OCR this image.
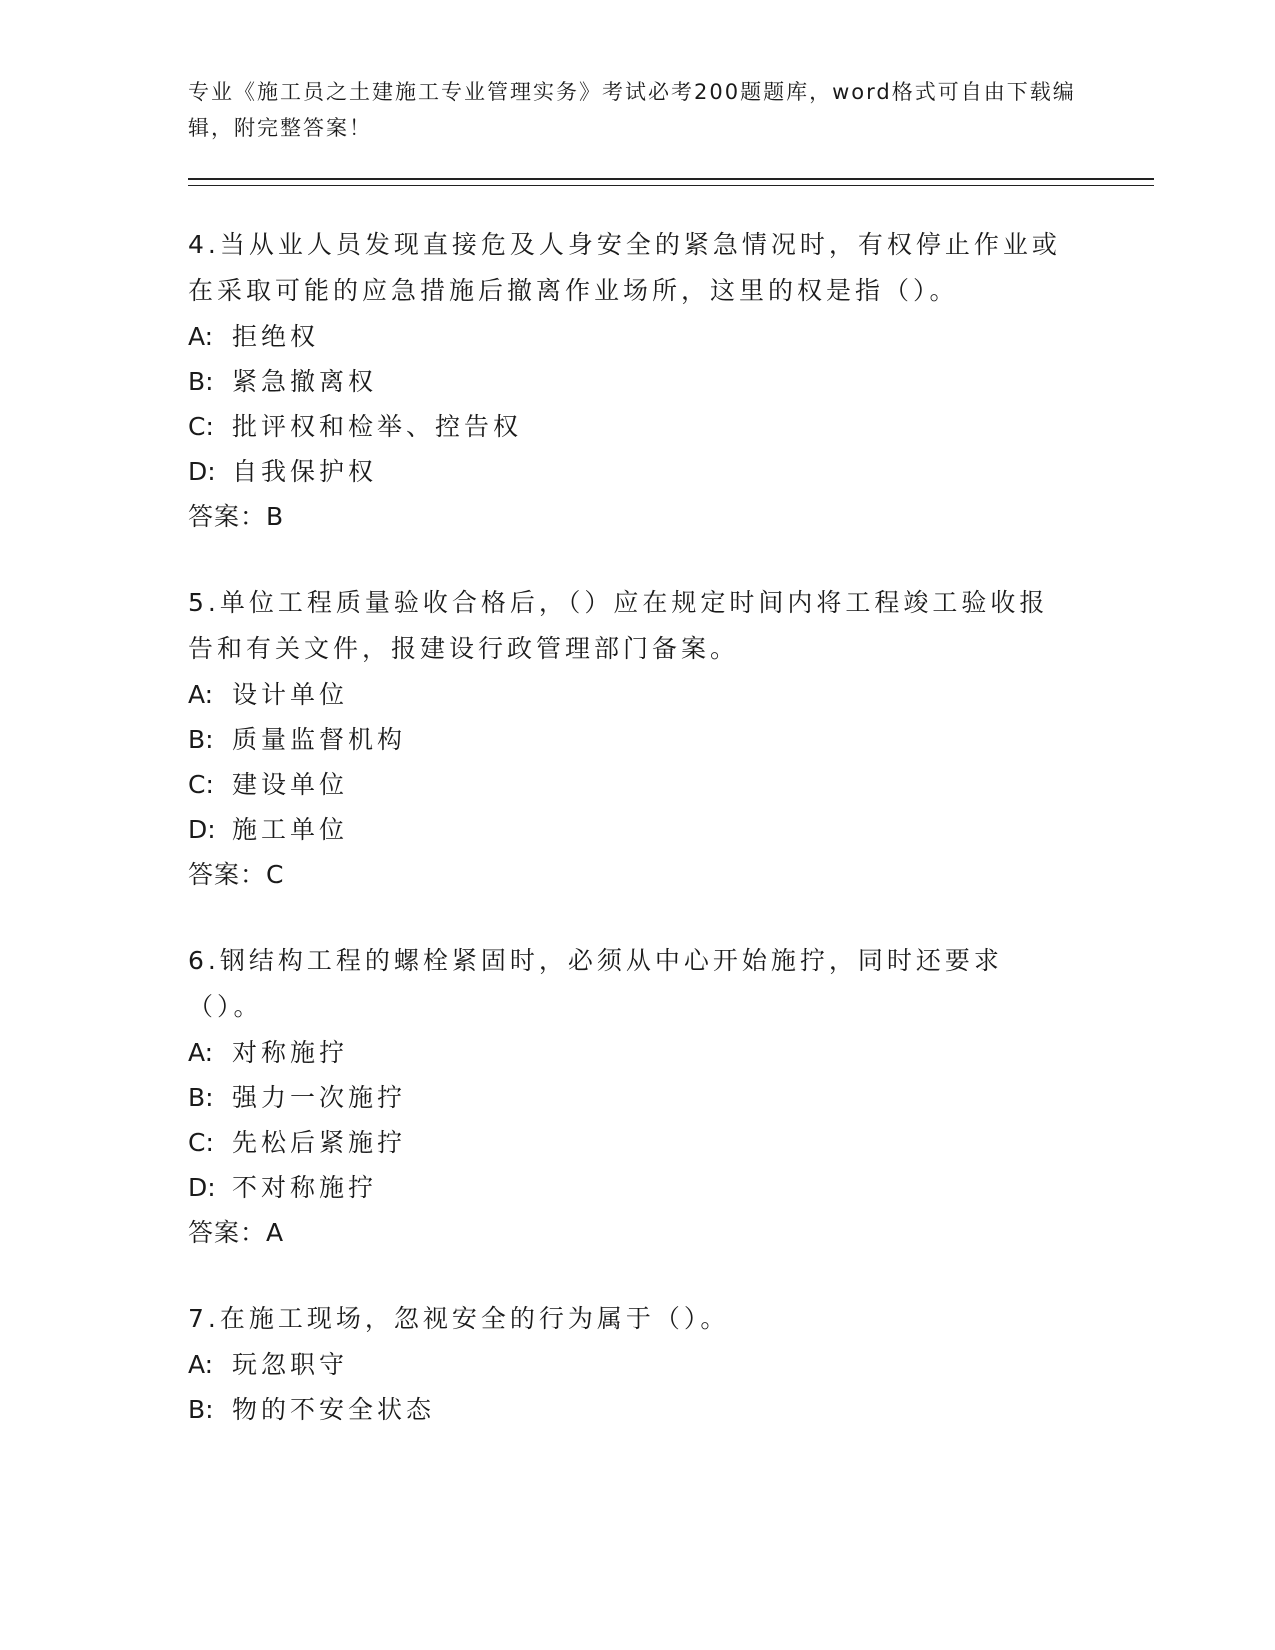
专业《施工员之土建施工专业管理实务》考试必考200题题库，word格式可自由下载编辑，附完整答案！

4.当从业人员发现直接危及人身安全的紧急情况时，有权停止作业或在采取可能的应急措施后撤离作业场所，这里的权是指（）。

A: 拒绝权

B: 紧急撤离权

C: 批评权和检举、控告权

D: 自我保护权

答案：B

5.单位工程质量验收合格后，（）应在规定时间内将工程竣工验收报告和有关文件，报建设行政管理部门备案。

A: 设计单位

B: 质量监督机构

C: 建设单位

D: 施工单位

答案：C

6.钢结构工程的螺栓紧固时，必须从中心开始施拧，同时还要求（）。

A: 对称施拧

B: 强力一次施拧

C: 先松后紧施拧

D: 不对称施拧

答案：A

7.在施工现场，忽视安全的行为属于（）。

A: 玩忽职守

B: 物的不安全状态
